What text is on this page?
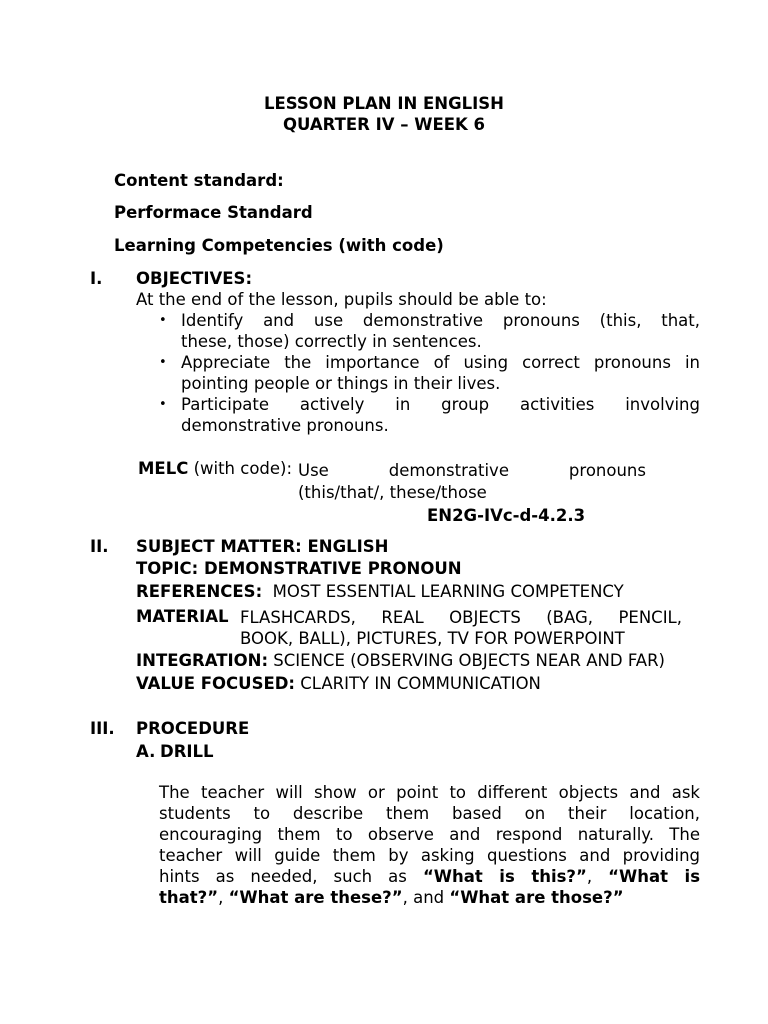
LESSON PLAN IN ENGLISH
QUARTER IV – WEEK 6
Content standard:
Performace Standard
Learning Competencies (with code)
I. OBJECTIVES:
At the end of the lesson, pupils should be able to:
• Identify and use demonstrative pronouns (this, that,
these, those) correctly in sentences.
• Appreciate the importance of using correct pronouns in
pointing people or things in their lives.
• Participate actively in group activities involving
demonstrative pronouns.
MELC (with code): Use demonstrative pronouns
(this/that/, these/those
EN2G-IVc-d-4.2.3
II. SUBJECT MATTER: ENGLISH
TOPIC: DEMONSTRATIVE PRONOUN
REFERENCES: MOST ESSENTIAL LEARNING COMPETENCY
INTEGRATION: SCIENCE (OBSERVING OBJECTS NEAR AND FAR)
MATERIAL FLASHCARDS, REAL OBJECTS (BAG, PENCIL,
BOOK, BALL), PICTURES, TV FOR POWERPOINT
VALUE FOCUSED: CLARITY IN COMMUNICATION
III. PROCEDURE
A. DRILL
The teacher will show or point to different objects and ask
students to describe them based on their location,
encouraging them to observe and respond naturally. The
teacher will guide them by asking questions and providing
hints as needed, such as “What is this?”, “What is
that?”, “What are these?”, and “What are those?”
